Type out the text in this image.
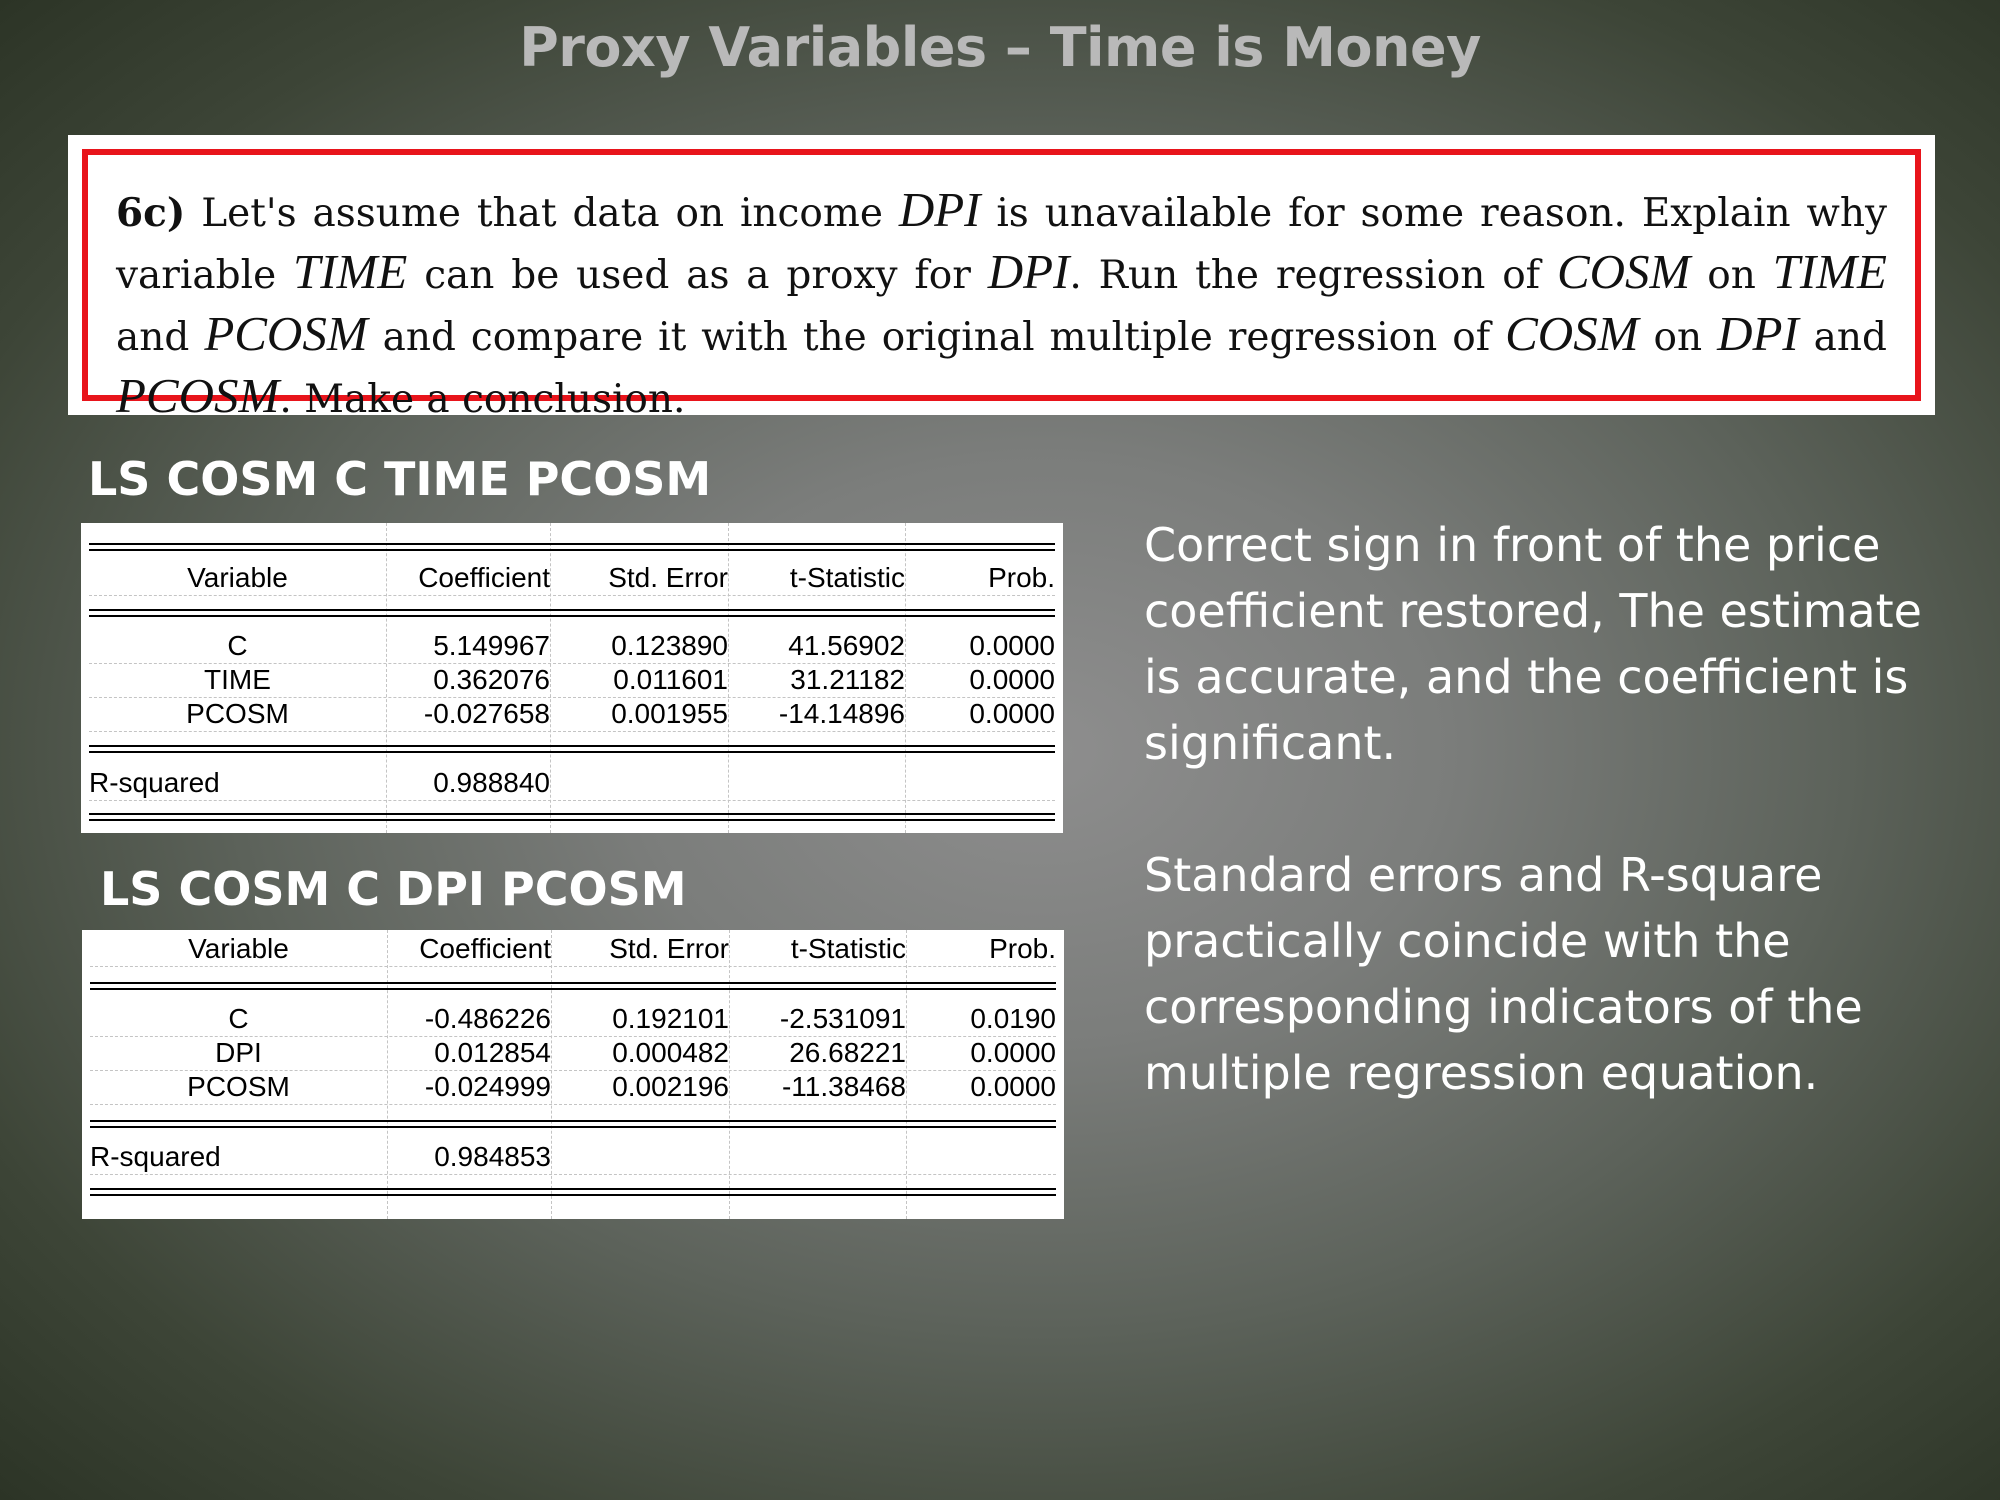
Proxy Variables – Time is Money
6c) Let's assume that data on income DPI is unavailable for some reason. Explain why variable TIME can be used as a proxy for DPI. Run the regression of COSM on TIME and PCOSM and compare it with the original multiple regression of COSM on DPI and PCOSM. Make a conclusion.
LS COSM C TIME PCOSM
Variable	Coefficient	Std. Error	t-Statistic	Prob.
C	5.149967	0.123890	41.56902	0.0000
TIME	0.362076	0.011601	31.21182	0.0000
PCOSM	-0.027658	0.001955	-14.14896	0.0000
R-squared	0.988840
LS COSM C DPI PCOSM
Variable	Coefficient	Std. Error	t-Statistic	Prob.
C	-0.486226	0.192101	-2.531091	0.0190
DPI	0.012854	0.000482	26.68221	0.0000
PCOSM	-0.024999	0.002196	-11.38468	0.0000
R-squared	0.984853

Correct sign in front of the price coefficient restored, The estimate is accurate, and the coefficient is significant.

Standard errors and R-square practically coincide with the corresponding indicators of the multiple regression equation.
